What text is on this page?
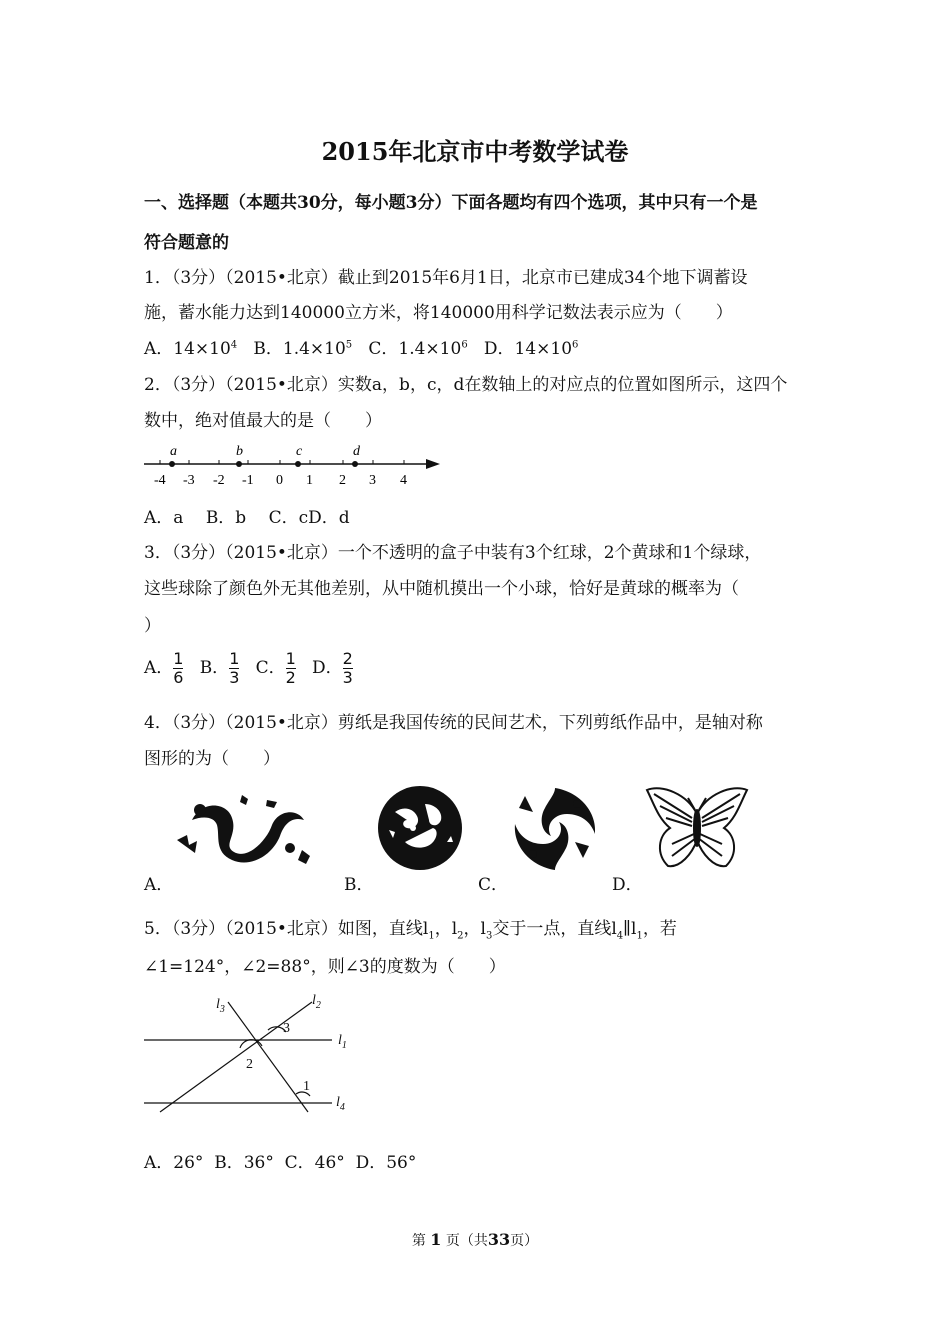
2015年北京市中考数学试卷
一、选择题（本题共30分，每小题3分）下面各题均有四个选项，其中只有一个是
符合题意的
1．（3分）（2015•北京）截止到2015年6月1日，北京市已建成34个地下调蓄设
施，蓄水能力达到140000立方米，将140000用科学记数法表示应为（　　）
A．$14\times 10^4$ B．$1.4\times 10^5$ C．$1.4\times 10^6$ D．$14\times 10^6$
2．（3分）（2015•北京）实数a，b，c，d在数轴上的对应点的位置如图所示，这四个
数中，绝对值最大的是（　　）
-4 -3 -2 -1 0 1 2 3 4
a	b	c	d
A．a　 B．b　 C．cD．d
3．（3分）（2015•北京）一个不透明的盒子中装有3个红球，2个黄球和1个绿球，
这些球除了颜色外无其他差别，从中随机摸出一个小球，恰好是黄球的概率为（
）
A． $\frac{1}{6}$ B． $\frac{1}{3}$ C． $\frac{1}{2}$ D． $\frac{2}{3}$
4．（3分）（2015•北京）剪纸是我国传统的民间艺术，下列剪纸作品中，是轴对称
图形的为（　　）
A．	B．	C．	D．
5．（3分）（2015•北京）如图，直线$l_1$，$l_2$，$l_3$交于一点，直线$l_4\parallel l_1$，若
∠1=124°，∠2=88°，则∠3的度数为（　　）
$l_3$
$l_2$
$l_1$
$l_4$
3
2
1
A．26°  B．36°  C．46°  D．56°
第 1 页（共33页）
